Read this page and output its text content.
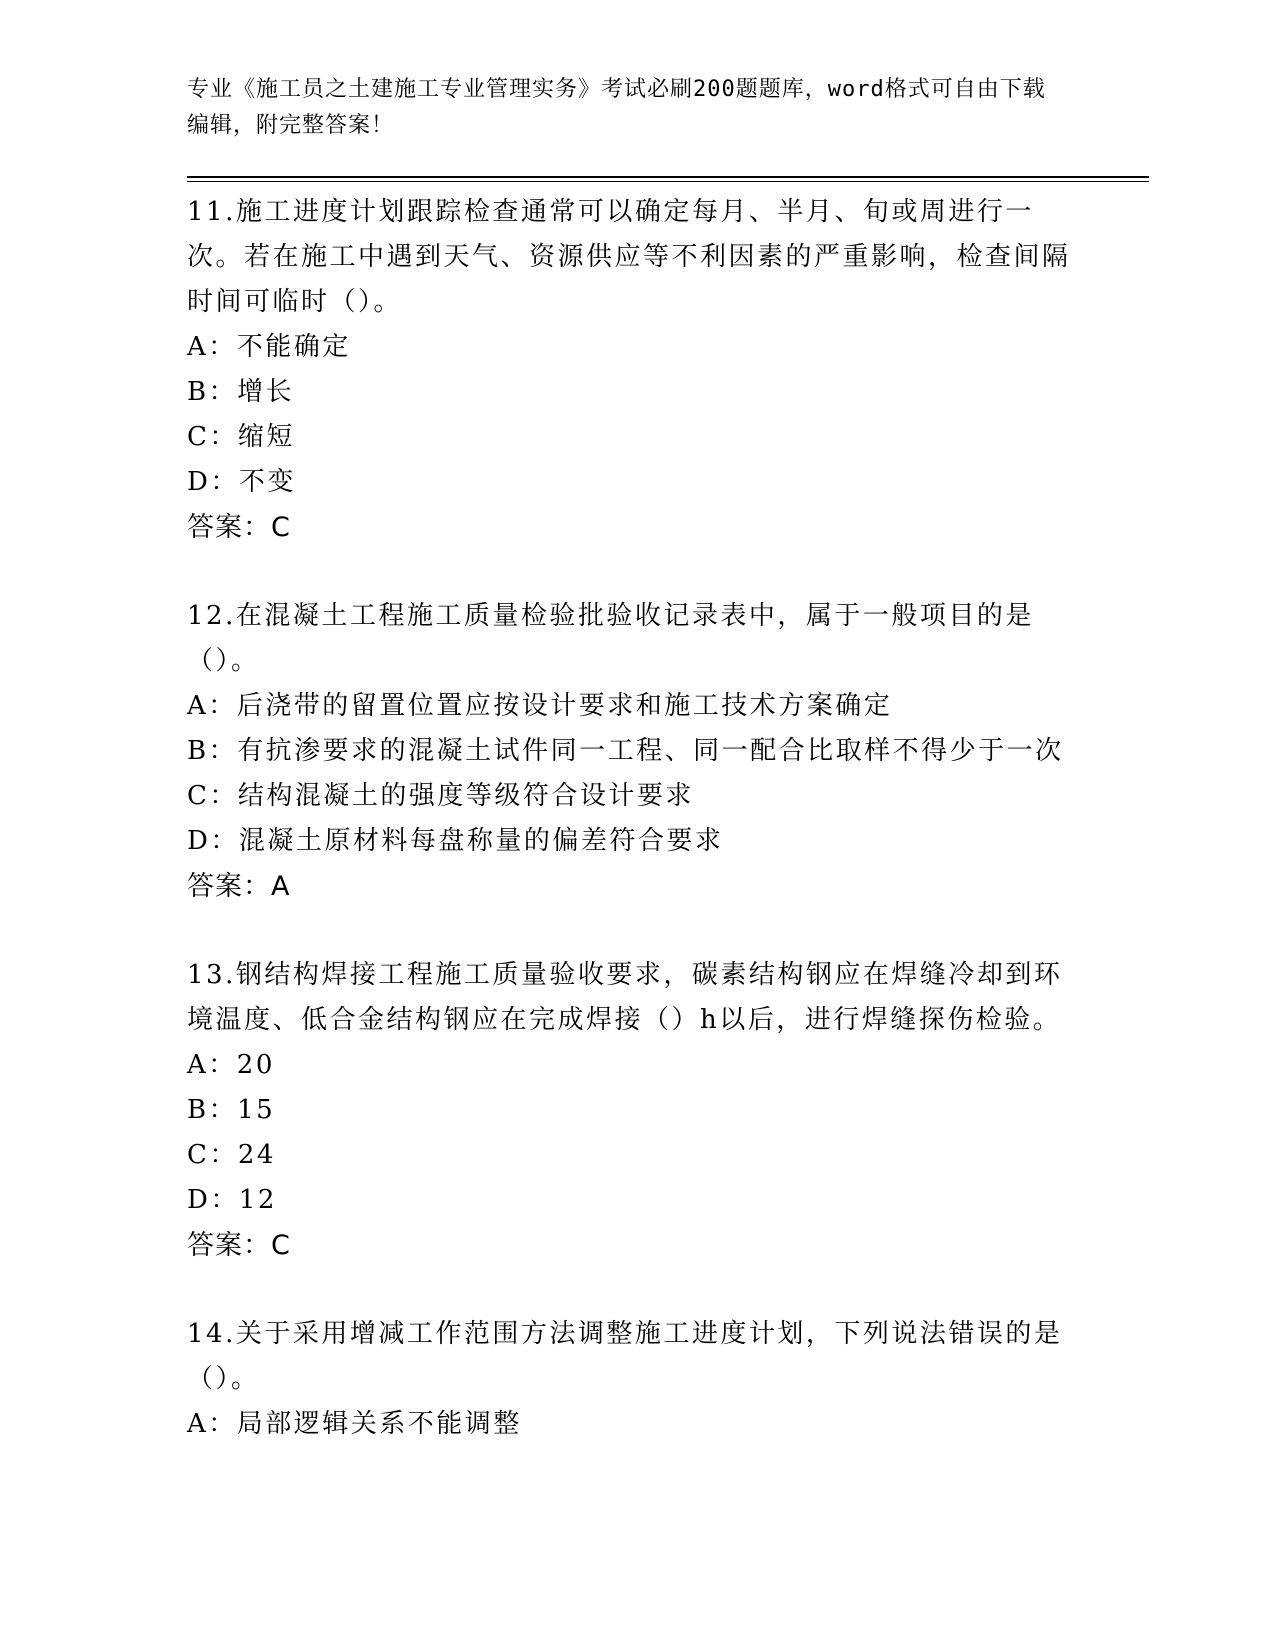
专业《施工员之土建施工专业管理实务》考试必刷200题题库，word格式可自由下载编辑，附完整答案！

11.施工进度计划跟踪检查通常可以确定每月、半月、旬或周进行一次。若在施工中遇到天气、资源供应等不利因素的严重影响，检查间隔时间可临时（）。

A：不能确定

B：增长

C：缩短

D：不变

答案：C

12.在混凝土工程施工质量检验批验收记录表中，属于一般项目的是（）。

A：后浇带的留置位置应按设计要求和施工技术方案确定

B：有抗渗要求的混凝土试件同一工程、同一配合比取样不得少于一次

C：结构混凝土的强度等级符合设计要求

D：混凝土原材料每盘称量的偏差符合要求

答案：A

13.钢结构焊接工程施工质量验收要求，碳素结构钢应在焊缝冷却到环境温度、低合金结构钢应在完成焊接（）h以后，进行焊缝探伤检验。

A：20

B：15

C：24

D：12

答案：C

14.关于采用增减工作范围方法调整施工进度计划，下列说法错误的是（）。

A：局部逻辑关系不能调整
